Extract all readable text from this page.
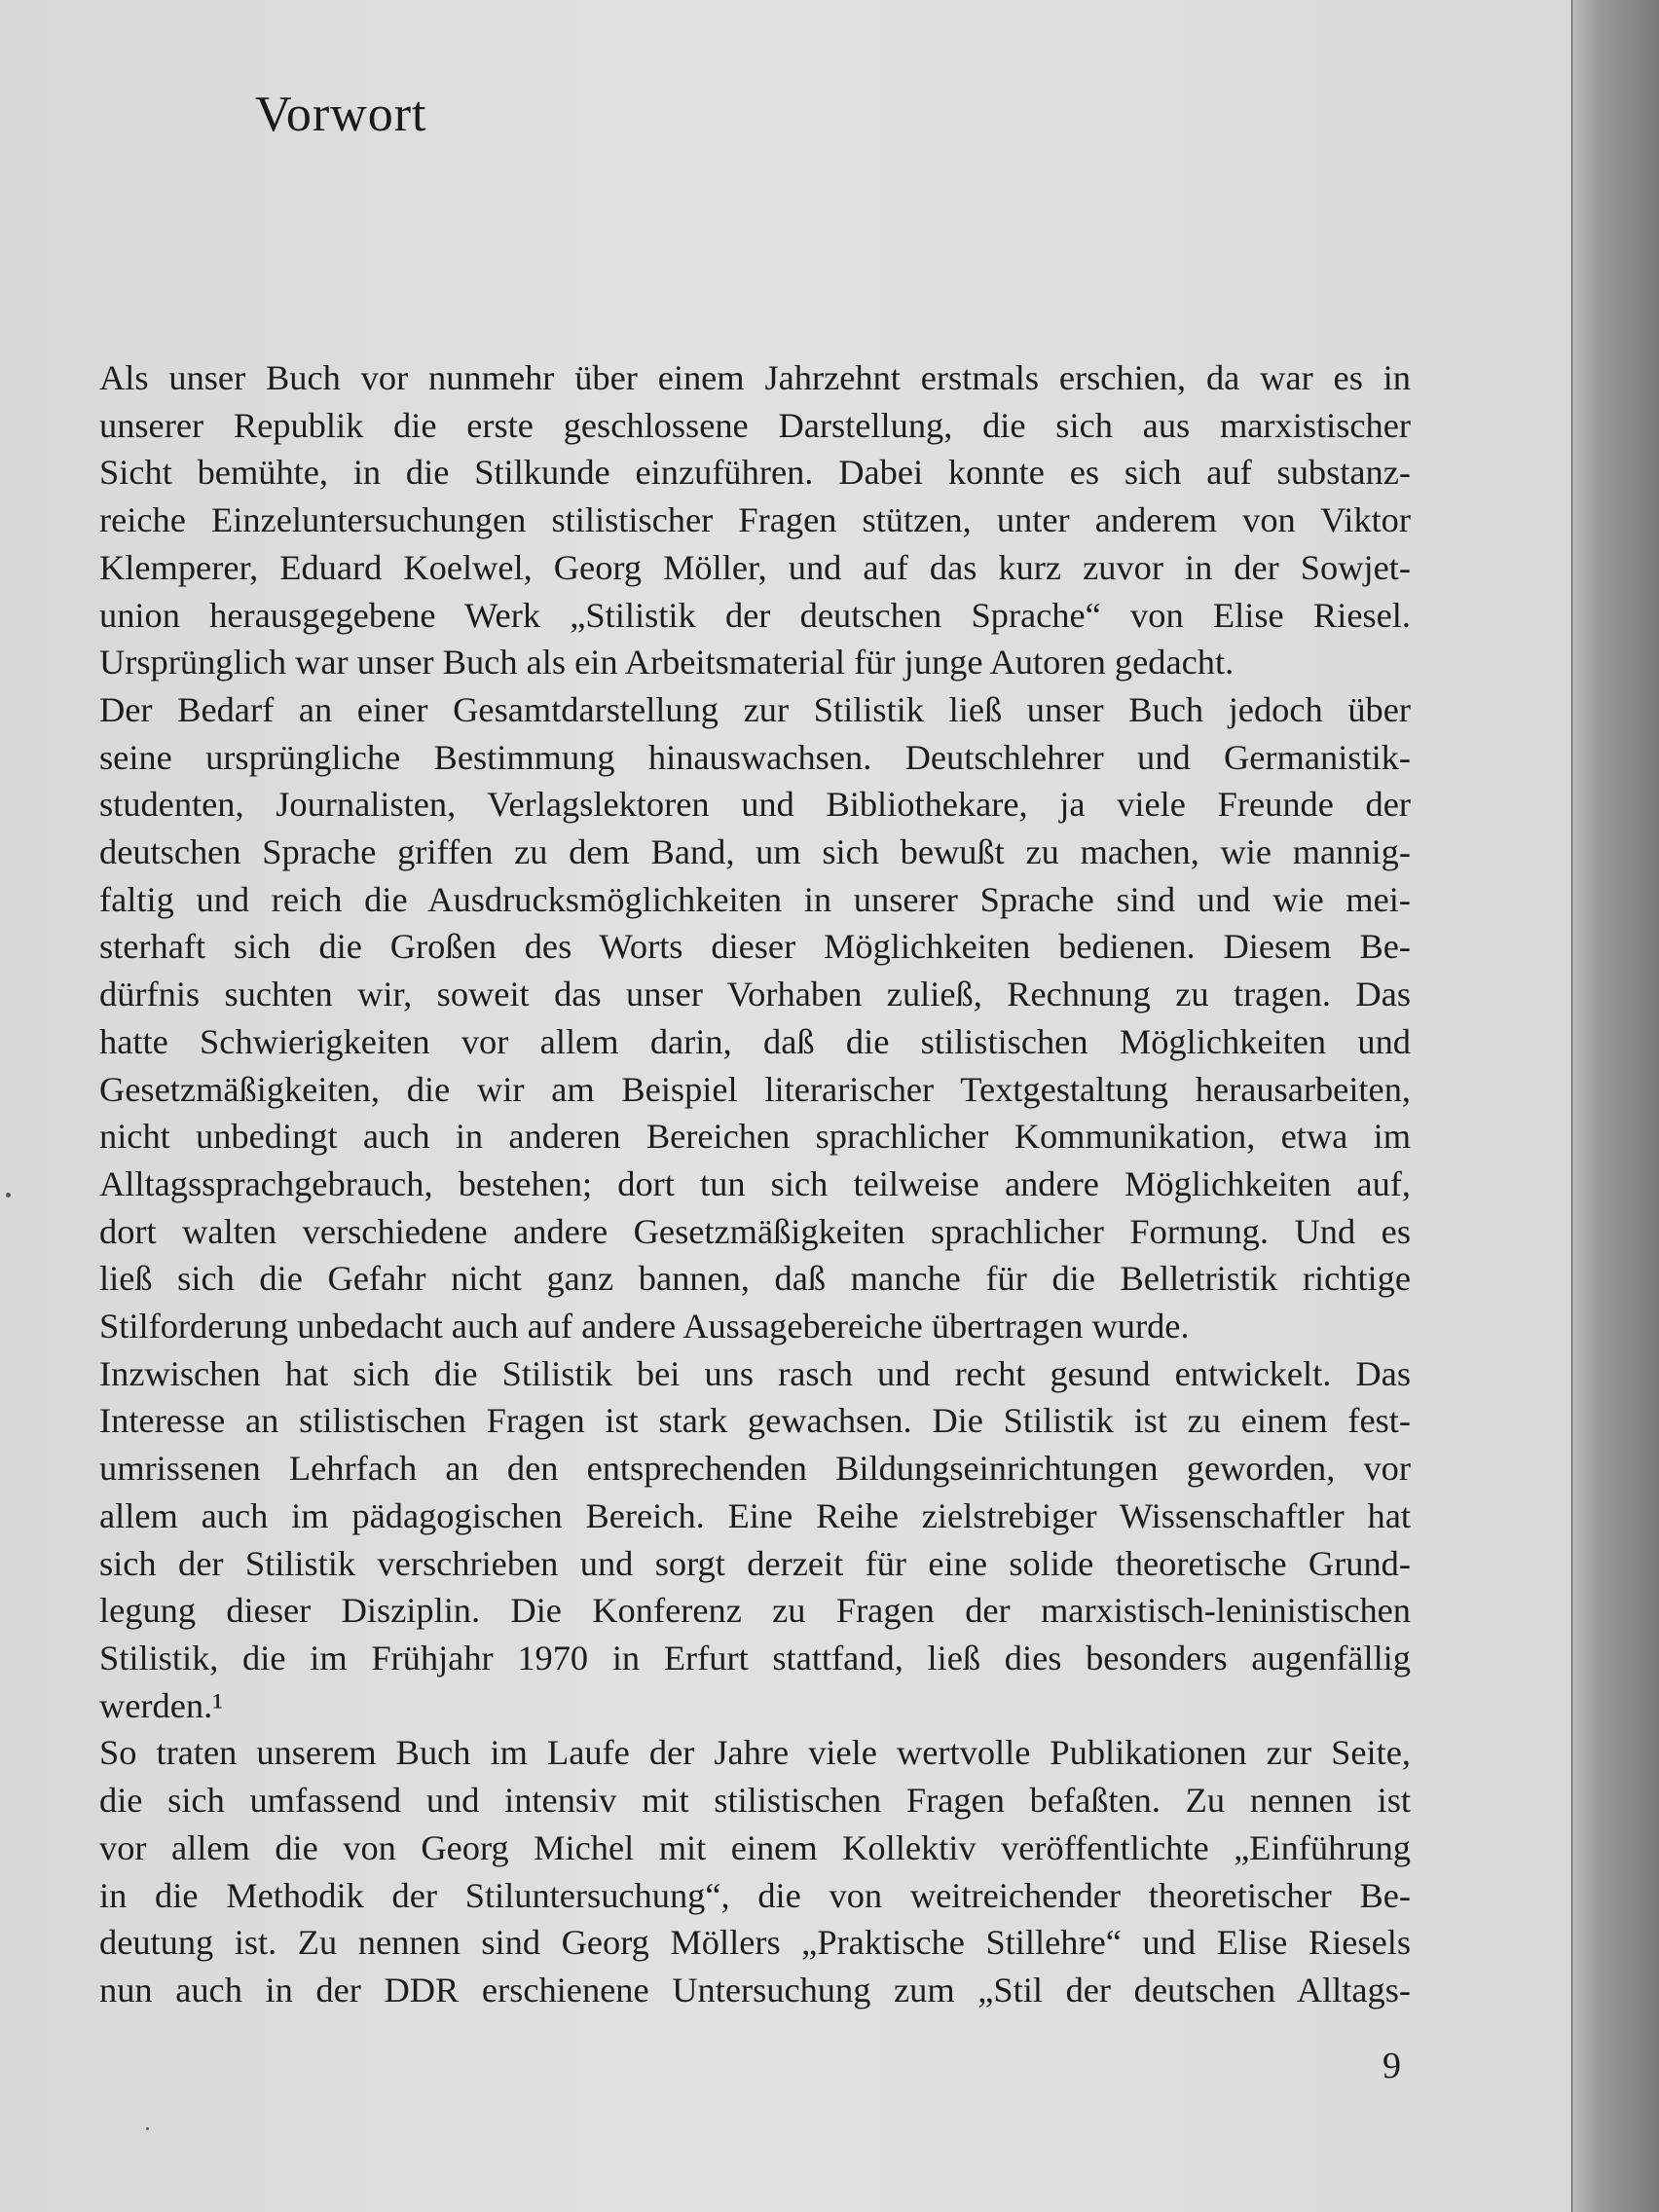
Vorwort
Als unser Buch vor nunmehr über einem Jahrzehnt erstmals erschien, da war es in
unserer Republik die erste geschlossene Darstellung, die sich aus marxistischer
Sicht bemühte, in die Stilkunde einzuführen. Dabei konnte es sich auf substanz-
reiche Einzeluntersuchungen stilistischer Fragen stützen, unter anderem von Viktor
Klemperer, Eduard Koelwel, Georg Möller, und auf das kurz zuvor in der Sowjet-
union herausgegebene Werk „Stilistik der deutschen Sprache“ von Elise Riesel.
Ursprünglich war unser Buch als ein Arbeitsmaterial für junge Autoren gedacht.
Der Bedarf an einer Gesamtdarstellung zur Stilistik ließ unser Buch jedoch über
seine ursprüngliche Bestimmung hinauswachsen. Deutschlehrer und Germanistik-
studenten, Journalisten, Verlagslektoren und Bibliothekare, ja viele Freunde der
deutschen Sprache griffen zu dem Band, um sich bewußt zu machen, wie mannig-
faltig und reich die Ausdrucksmöglichkeiten in unserer Sprache sind und wie mei-
sterhaft sich die Großen des Worts dieser Möglichkeiten bedienen. Diesem Be-
dürfnis suchten wir, soweit das unser Vorhaben zuließ, Rechnung zu tragen. Das
hatte Schwierigkeiten vor allem darin, daß die stilistischen Möglichkeiten und
Gesetzmäßigkeiten, die wir am Beispiel literarischer Textgestaltung herausarbeiten,
nicht unbedingt auch in anderen Bereichen sprachlicher Kommunikation, etwa im
Alltagssprachgebrauch, bestehen; dort tun sich teilweise andere Möglichkeiten auf,
dort walten verschiedene andere Gesetzmäßigkeiten sprachlicher Formung. Und es
ließ sich die Gefahr nicht ganz bannen, daß manche für die Belletristik richtige
Stilforderung unbedacht auch auf andere Aussagebereiche übertragen wurde.
Inzwischen hat sich die Stilistik bei uns rasch und recht gesund entwickelt. Das
Interesse an stilistischen Fragen ist stark gewachsen. Die Stilistik ist zu einem fest-
umrissenen Lehrfach an den entsprechenden Bildungseinrichtungen geworden, vor
allem auch im pädagogischen Bereich. Eine Reihe zielstrebiger Wissenschaftler hat
sich der Stilistik verschrieben und sorgt derzeit für eine solide theoretische Grund-
legung dieser Disziplin. Die Konferenz zu Fragen der marxistisch-leninistischen
Stilistik, die im Frühjahr 1970 in Erfurt stattfand, ließ dies besonders augenfällig
werden.¹
So traten unserem Buch im Laufe der Jahre viele wertvolle Publikationen zur Seite,
die sich umfassend und intensiv mit stilistischen Fragen befaßten. Zu nennen ist
vor allem die von Georg Michel mit einem Kollektiv veröffentlichte „Einführung
in die Methodik der Stiluntersuchung“, die von weitreichender theoretischer Be-
deutung ist. Zu nennen sind Georg Möllers „Praktische Stillehre“ und Elise Riesels
nun auch in der DDR erschienene Untersuchung zum „Stil der deutschen Alltags-
9
